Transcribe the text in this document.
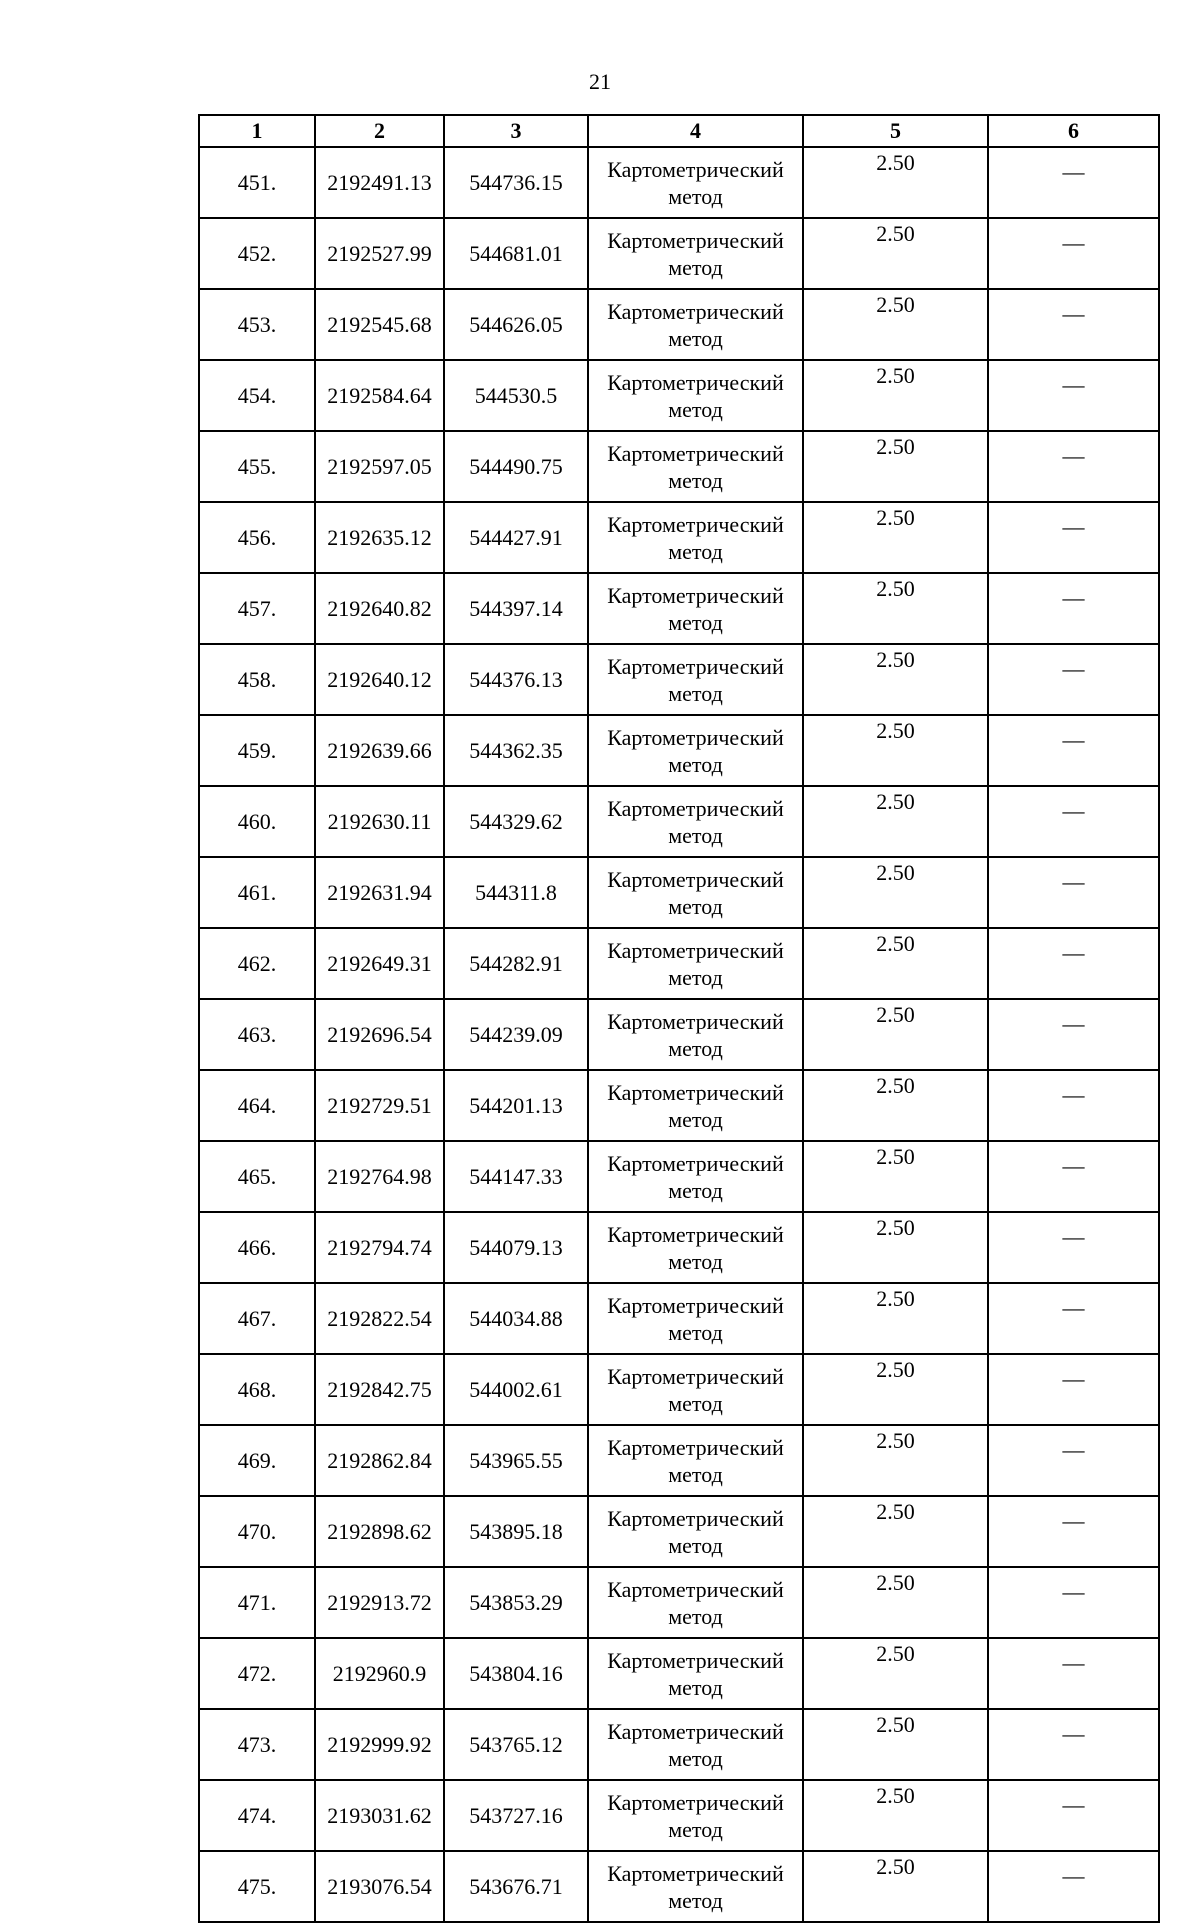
21
1	2	3	4	5	6
451.	2192491.13	544736.15	Картометрический метод	2.50	—
452.	2192527.99	544681.01	Картометрический метод	2.50	—
453.	2192545.68	544626.05	Картометрический метод	2.50	—
454.	2192584.64	544530.5	Картометрический метод	2.50	—
455.	2192597.05	544490.75	Картометрический метод	2.50	—
456.	2192635.12	544427.91	Картометрический метод	2.50	—
457.	2192640.82	544397.14	Картометрический метод	2.50	—
458.	2192640.12	544376.13	Картометрический метод	2.50	—
459.	2192639.66	544362.35	Картометрический метод	2.50	—
460.	2192630.11	544329.62	Картометрический метод	2.50	—
461.	2192631.94	544311.8	Картометрический метод	2.50	—
462.	2192649.31	544282.91	Картометрический метод	2.50	—
463.	2192696.54	544239.09	Картометрический метод	2.50	—
464.	2192729.51	544201.13	Картометрический метод	2.50	—
465.	2192764.98	544147.33	Картометрический метод	2.50	—
466.	2192794.74	544079.13	Картометрический метод	2.50	—
467.	2192822.54	544034.88	Картометрический метод	2.50	—
468.	2192842.75	544002.61	Картометрический метод	2.50	—
469.	2192862.84	543965.55	Картометрический метод	2.50	—
470.	2192898.62	543895.18	Картометрический метод	2.50	—
471.	2192913.72	543853.29	Картометрический метод	2.50	—
472.	2192960.9	543804.16	Картометрический метод	2.50	—
473.	2192999.92	543765.12	Картометрический метод	2.50	—
474.	2193031.62	543727.16	Картометрический метод	2.50	—
475.	2193076.54	543676.71	Картометрический метод	2.50	—
